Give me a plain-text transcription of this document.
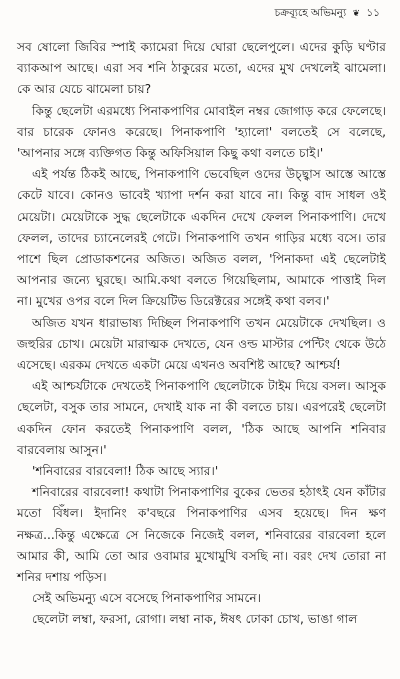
চক্রব্যূহে অভিমন্যু ❦ ১১

সব ষোলো জিবির স্পাই ক্যামেরা দিয়ে ঘোরা ছেলেপুলে। এদের কুড়ি ঘণ্টার ব্যাকআপ আছে। এরা সব শনি ঠাকুরের মতো, এদের মুখ দেখলেই ঝামেলা। কে আর যেচে ঝামেলা চায়?

কিন্তু ছেলেটা এরমধ্যে পিনাকপাণির মোবাইল নম্বর জোগাড় করে ফেলেছে। বার চারেক ফোনও করেছে। পিনাকপাণি 'হ্যালো' বলতেই সে বলেছে, 'আপনার সঙ্গে ব্যক্তিগত কিন্তু অফিসিয়াল কিছু কথা বলতে চাই।'

এই পর্যন্ত ঠিকই আছে, পিনাকপাণি ভেবেছিল ওদের উচ্ছ্বাস আস্তে আস্তে কেটে যাবে। কোনও ভাবেই খ্যাপা দর্শন করা যাবে না। কিন্তু বাদ সাধল ওই মেয়েটা। মেয়েটাকে সুদ্ধ ছেলেটাকে একদিন দেখে ফেলল পিনাকপাণি। দেখে ফেলল, তাদের চ্যানেলেরই গেটে। পিনাকপাণি তখন গাড়ির মধ্যে বসে। তার পাশে ছিল প্রোডাকশনের অজিত। অজিত বলল, 'পিনাকদা এই ছেলেটাই আপনার জন্যে ঘুরছে। আমি.কথা বলতে গিয়েছিলাম, আমাকে পাত্তাই দিল না। মুখের ওপর বলে দিল ক্রিয়েটিভ ডিরেক্টরের সঙ্গেই কথা বলব।'

অজিত যখন ধারাভাষ্য দিচ্ছিল পিনাকপাণি তখন মেয়েটাকে দেখছিল। ও জহুরির চোখ। মেয়েটা মারাত্মক দেখতে, যেন ওল্ড মাস্টার পেন্টিং থেকে উঠে এসেছে। এরকম দেখতে একটা মেয়ে এখনও অবশিষ্ট আছে? আশ্চর্য!

এই আশ্চর্যটাকে দেখতেই পিনাকপাণি ছেলেটাকে টাইম দিয়ে বসল। আসুক ছেলেটা, বসুক তার সামনে, দেখাই যাক না কী বলতে চায়। এরপরেই ছেলেটা একদিন ফোন করতেই পিনাকপাণি বলল, 'ঠিক আছে আপনি শনিবার বারবেলায় আসুন।'

'শনিবারের বারবেলা! ঠিক আছে স্যার।'

শনিবারের বারবেলা! কথাটা পিনাকপাণির বুকের ভেতর হঠাৎই যেন কাঁটার মতো বিঁধল। ইদানিং ক'বছরে পিনাকপাণির এসব হয়েছে। দিন ক্ষণ নক্ষত্র...কিন্তু এক্ষেত্রে সে নিজেকে নিজেই বলল, শনিবারের বারবেলা হলে আমার কী, আমি তো আর ওবামার মুখোমুখি বসছি না। বরং দেখ তোরা না শনির দশায় পড়িস।

সেই অভিমন্যু এসে বসেছে পিনাকপাণির সামনে।

ছেলেটা লম্বা, ফরসা, রোগা। লম্বা নাক, ঈষৎ ঢোকা চোখ, ভাঙা গাল
